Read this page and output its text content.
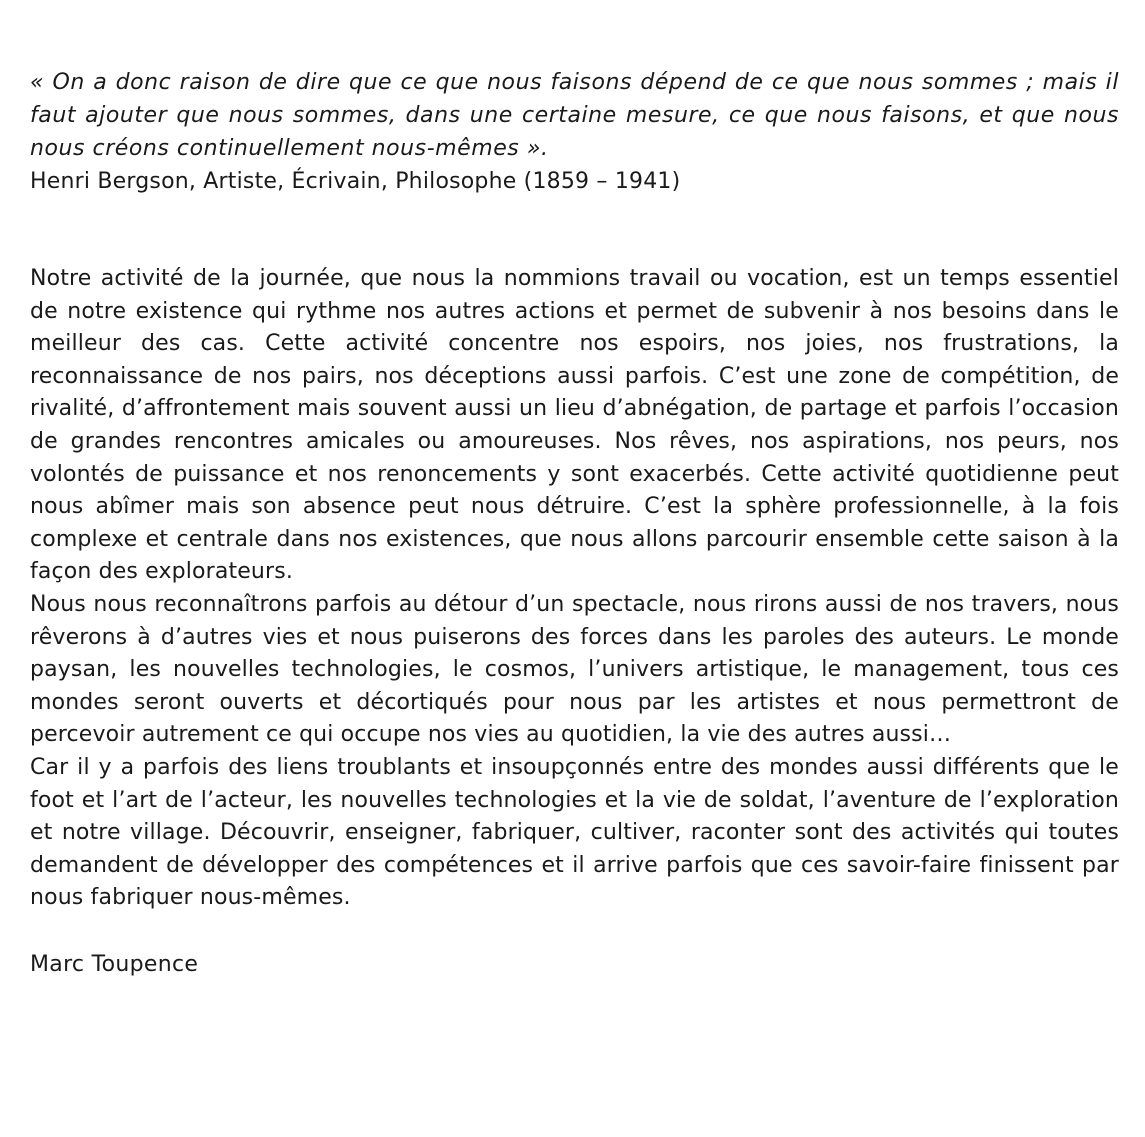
« On a donc raison de dire que ce que nous faisons dépend de ce que nous sommes ; mais il faut ajouter que nous sommes, dans une certaine mesure, ce que nous faisons, et que nous nous créons continuellement nous-mêmes ».

Henri Bergson, Artiste, Écrivain, Philosophe (1859 – 1941)

Notre activité de la journée, que nous la nommions travail ou vocation, est un temps essentiel de notre existence qui rythme nos autres actions et permet de subvenir à nos besoins dans le meilleur des cas. Cette activité concentre nos espoirs, nos joies, nos frustrations, la reconnaissance de nos pairs, nos déceptions aussi parfois. C’est une zone de compétition, de rivalité, d’affrontement mais souvent aussi un lieu d’abnégation, de partage et parfois l’occasion de grandes rencontres amicales ou amoureuses. Nos rêves, nos aspirations, nos peurs, nos volontés de puissance et nos renoncements y sont exacerbés. Cette activité quotidienne peut nous abîmer mais son absence peut nous détruire. C’est la sphère professionnelle, à la fois complexe et centrale dans nos existences, que nous allons parcourir ensemble cette saison à la façon des explorateurs.

Nous nous reconnaîtrons parfois au détour d’un spectacle, nous rirons aussi de nos travers, nous rêverons à d’autres vies et nous puiserons des forces dans les paroles des auteurs. Le monde paysan, les nouvelles technologies, le cosmos, l’univers artistique, le management, tous ces mondes seront ouverts et décortiqués pour nous par les artistes et nous permettront de percevoir autrement ce qui occupe nos vies au quotidien, la vie des autres aussi…

Car il y a parfois des liens troublants et insoupçonnés entre des mondes aussi différents que le foot et l’art de l’acteur, les nouvelles technologies et la vie de soldat, l’aventure de l’exploration et notre village. Découvrir, enseigner, fabriquer, cultiver, raconter sont des activités qui toutes demandent de développer des compétences et il arrive parfois que ces savoir-faire finissent par nous fabriquer nous-mêmes.

Marc Toupence
